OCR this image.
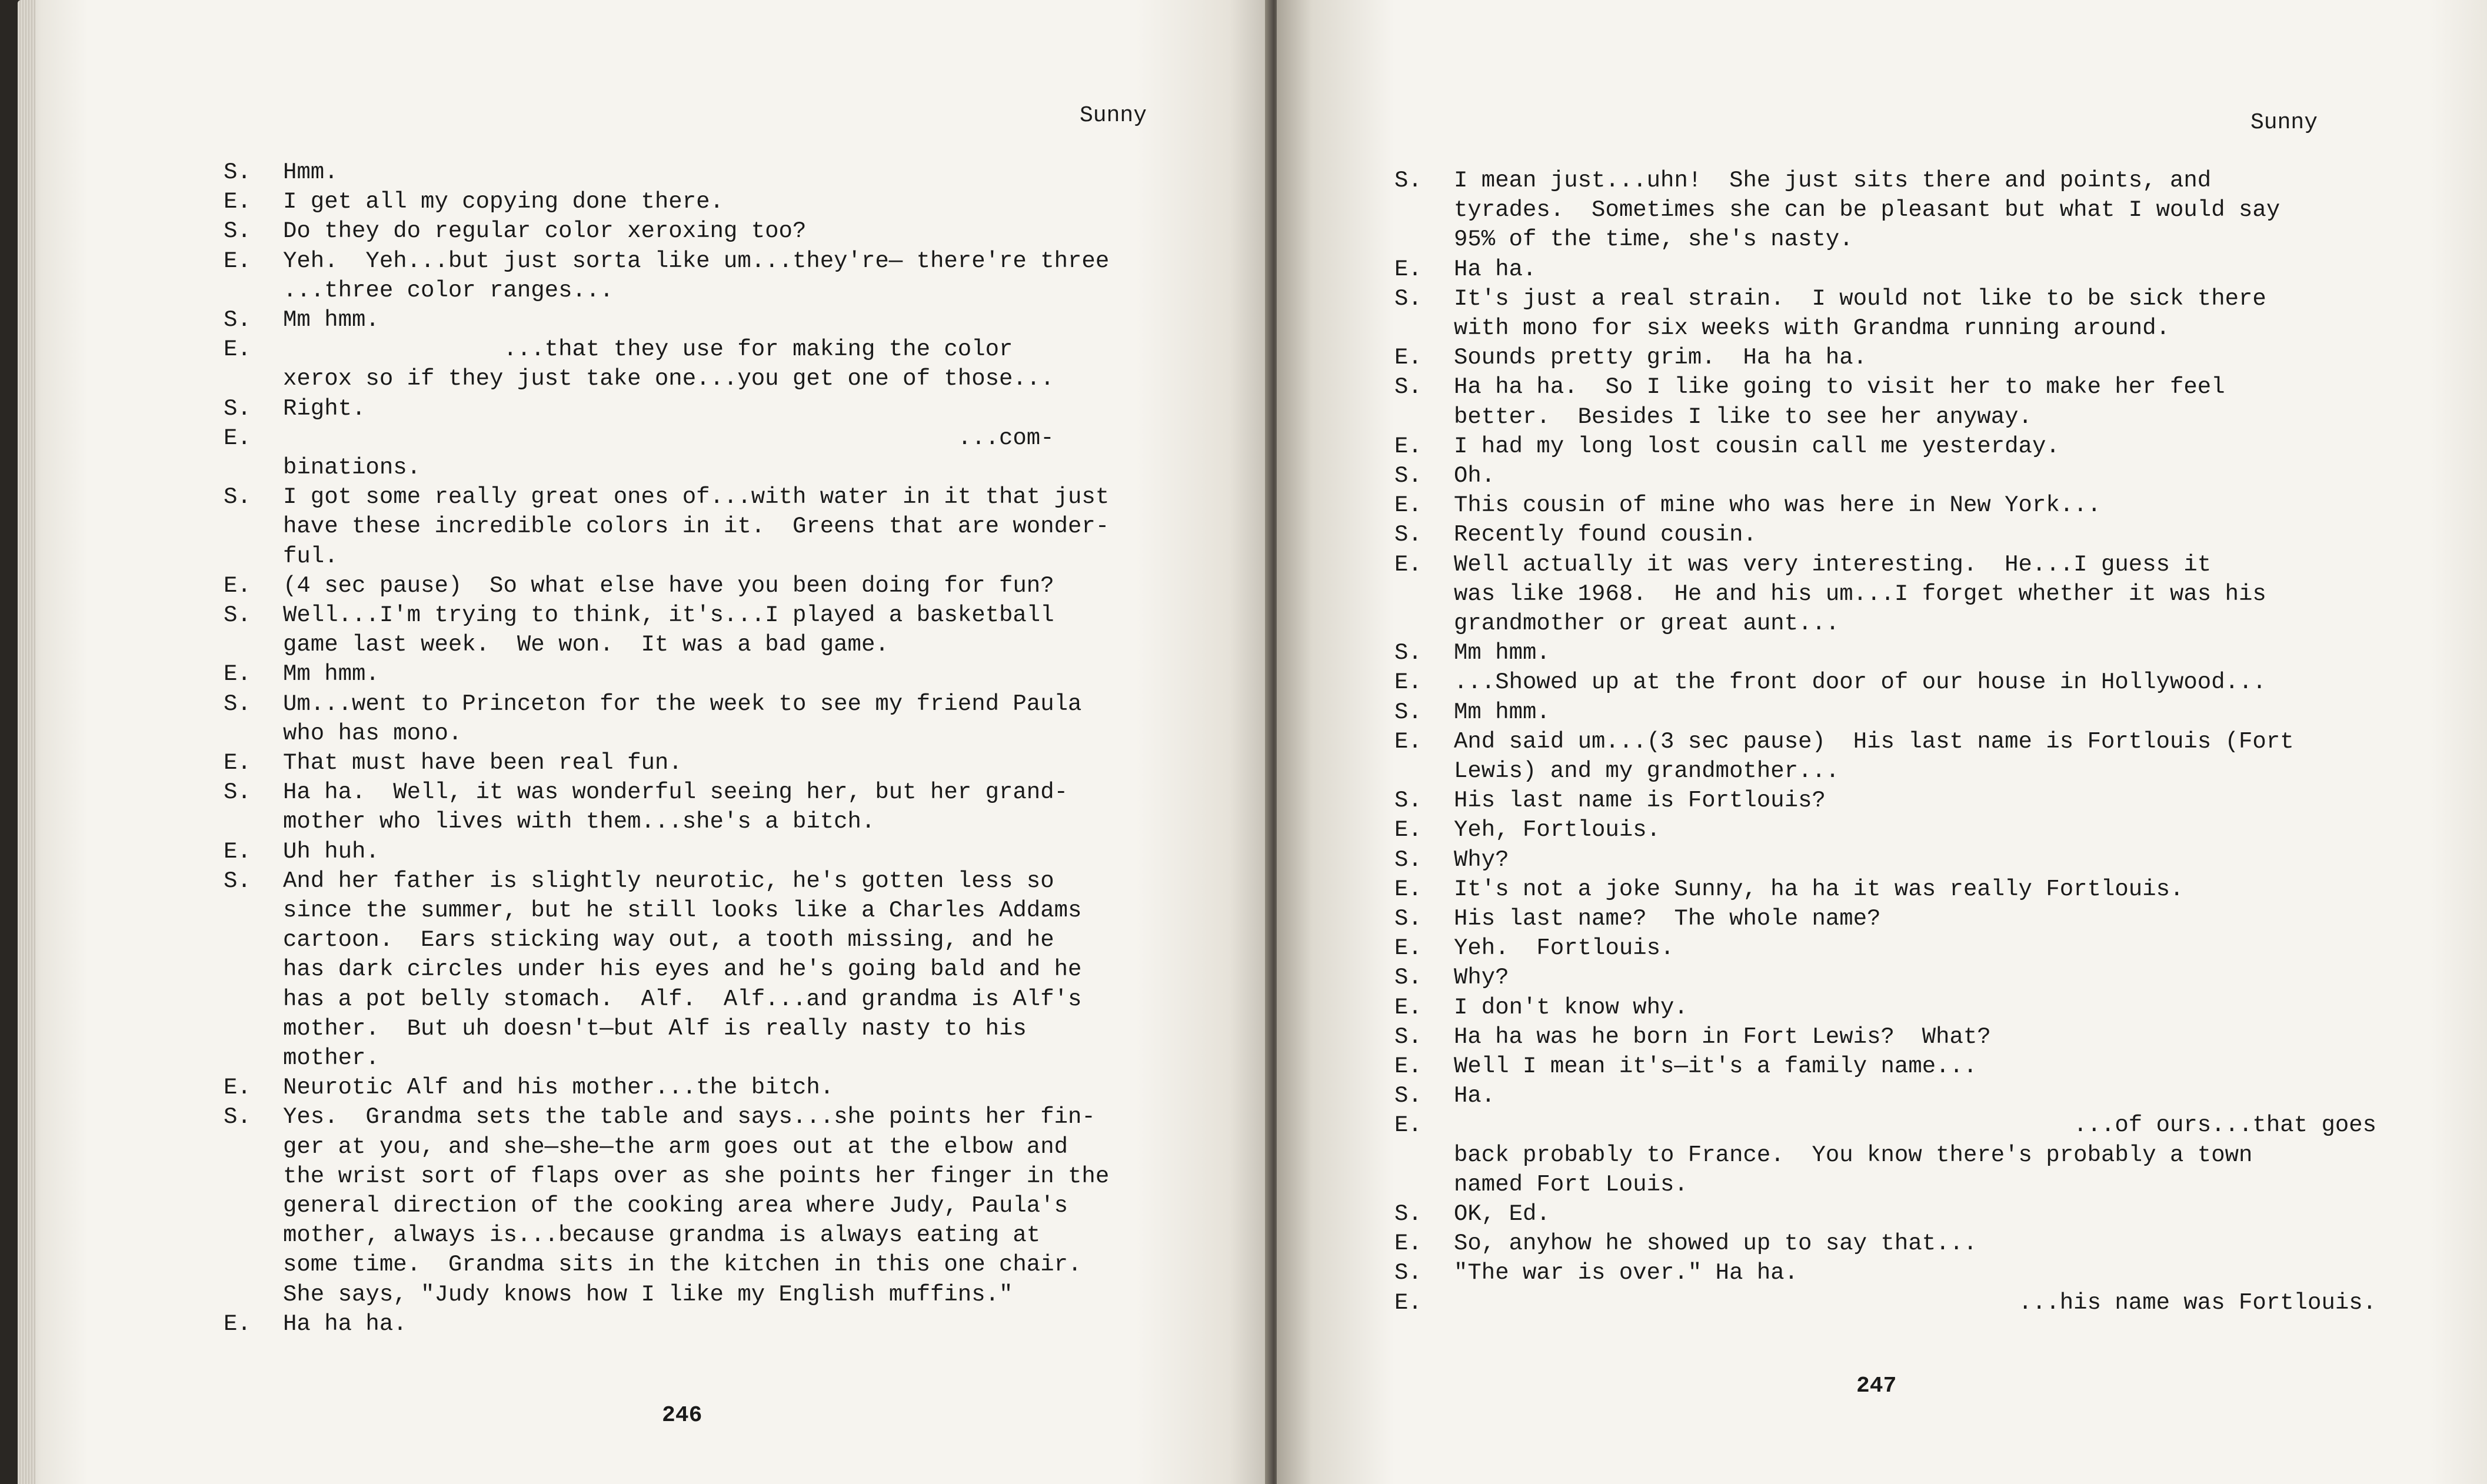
Sunny
S. Hmm.
E. I get all my copying done there.
S. Do they do regular color xeroxing too?
E. Yeh.  Yeh...but just sorta like um...they're— there're three
...three color ranges...
S. Mm hmm.
E. ...that they use for making the color
xerox so if they just take one...you get one of those...
S. Right.
E. ...com-
binations.
S. I got some really great ones of...with water in it that just
have these incredible colors in it.  Greens that are wonder-
ful.
E. (4 sec pause)  So what else have you been doing for fun?
S. Well...I'm trying to think, it's...I played a basketball
game last week.  We won.  It was a bad game.
E. Mm hmm.
S. Um...went to Princeton for the week to see my friend Paula
who has mono.
E. That must have been real fun.
S. Ha ha.  Well, it was wonderful seeing her, but her grand-
mother who lives with them...she's a bitch.
E. Uh huh.
S. And her father is slightly neurotic, he's gotten less so
since the summer, but he still looks like a Charles Addams
cartoon.  Ears sticking way out, a tooth missing, and he
has dark circles under his eyes and he's going bald and he
has a pot belly stomach.  Alf.  Alf...and grandma is Alf's
mother.  But uh doesn't—but Alf is really nasty to his
mother.
E. Neurotic Alf and his mother...the bitch.
S. Yes.  Grandma sets the table and says...she points her fin-
ger at you, and she—she—the arm goes out at the elbow and
the wrist sort of flaps over as she points her finger in the
general direction of the cooking area where Judy, Paula's
mother, always is...because grandma is always eating at
some time.  Grandma sits in the kitchen in this one chair.
She says, "Judy knows how I like my English muffins."
E. Ha ha ha.
246
Sunny
S. I mean just...uhn!  She just sits there and points, and
tyrades.  Sometimes she can be pleasant but what I would say
95% of the time, she's nasty.
E. Ha ha.
S. It's just a real strain.  I would not like to be sick there
with mono for six weeks with Grandma running around.
E. Sounds pretty grim.  Ha ha ha.
S. Ha ha ha.  So I like going to visit her to make her feel
better.  Besides I like to see her anyway.
E. I had my long lost cousin call me yesterday.
S. Oh.
E. This cousin of mine who was here in New York...
S. Recently found cousin.
E. Well actually it was very interesting.  He...I guess it
was like 1968.  He and his um...I forget whether it was his
grandmother or great aunt...
S. Mm hmm.
E. ...Showed up at the front door of our house in Hollywood...
S. Mm hmm.
E. And said um...(3 sec pause)  His last name is Fortlouis (Fort
Lewis) and my grandmother...
S. His last name is Fortlouis?
E. Yeh, Fortlouis.
S. Why?
E. It's not a joke Sunny, ha ha it was really Fortlouis.
S. His last name?  The whole name?
E. Yeh.  Fortlouis.
S. Why?
E. I don't know why.
S. Ha ha was he born in Fort Lewis?  What?
E. Well I mean it's—it's a family name...
S. Ha.
E. ...of ours...that goes
back probably to France.  You know there's probably a town
named Fort Louis.
S. OK, Ed.
E. So, anyhow he showed up to say that...
S. "The war is over." Ha ha.
E. ...his name was Fortlouis.
247
